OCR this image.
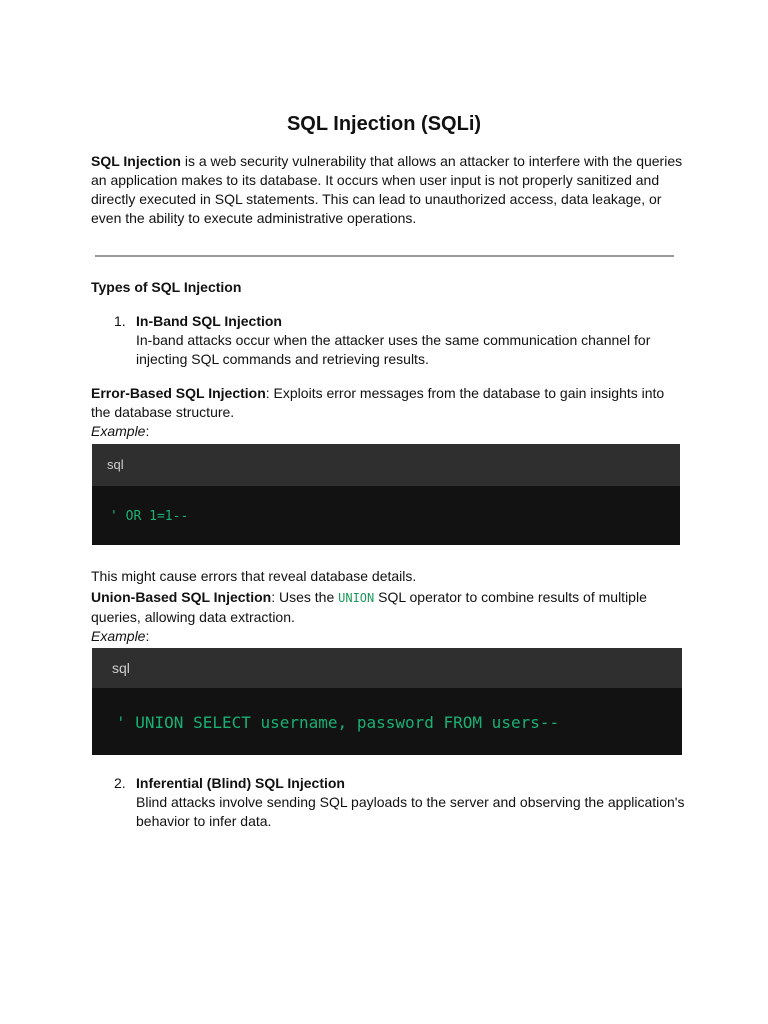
SQL Injection (SQLi)
SQL Injection is a web security vulnerability that allows an attacker to interfere with the queries
an application makes to its database. It occurs when user input is not properly sanitized and
directly executed in SQL statements. This can lead to unauthorized access, data leakage, or
even the ability to execute administrative operations.
Types of SQL Injection
1. In-Band SQL Injection
In-band attacks occur when the attacker uses the same communication channel for
injecting SQL commands and retrieving results.
Error-Based SQL Injection: Exploits error messages from the database to gain insights into
the database structure.
Example:
sql
' OR 1=1--
This might cause errors that reveal database details.
Union-Based SQL Injection: Uses the UNION SQL operator to combine results of multiple
queries, allowing data extraction.
Example:
sql
' UNION SELECT username, password FROM users--
2. Inferential (Blind) SQL Injection
Blind attacks involve sending SQL payloads to the server and observing the application's
behavior to infer data.
